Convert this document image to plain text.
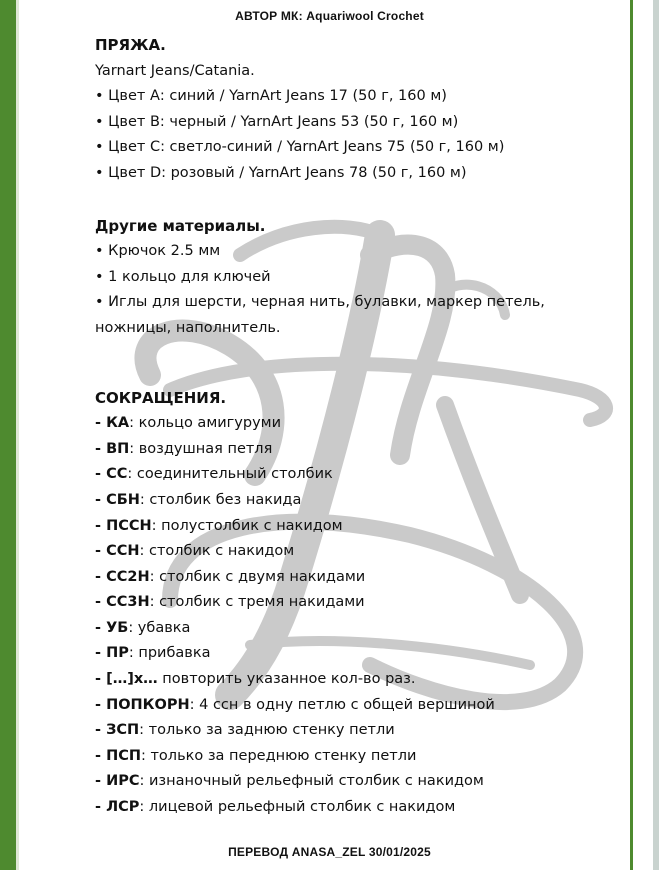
АВТОР МК: Aquariwool Crochet
ПРЯЖА.
Yarnart Jeans/Catania.
• Цвет А: синий / YarnArt Jeans 17 (50 г, 160 м)
• Цвет В: черный / YarnArt Jeans 53 (50 г, 160 м)
• Цвет С: светло-синий / YarnArt Jeans 75 (50 г, 160 м)
• Цвет D: розовый / YarnArt Jeans 78 (50 г, 160 м)
Другие материалы.
• Крючок 2.5 мм
• 1 кольцо для ключей
• Иглы для шерсти, черная нить, булавки, маркер петель, ножницы, наполнитель.
СОКРАЩЕНИЯ.
- КА: кольцо амигуруми
- ВП: воздушная петля
- СС: соединительный столбик
- СБН: столбик без накида
- ПССН: полустолбик с накидом
- ССН: столбик с накидом
- СС2Н: столбик с двумя накидами
- СС3Н: столбик с тремя накидами
- УБ: убавка
- ПР: прибавка
- […]х… повторить указанное кол-во раз.
- ПОПКОРН: 4 ссн в одну петлю с общей вершиной
- ЗСП: только за заднюю стенку петли
- ПСП: только за переднюю стенку петли
- ИРС: изнаночный рельефный столбик с накидом
- ЛСР: лицевой рельефный столбик с накидом
ПЕРЕВОД ANASA_ZEL 30/01/2025
